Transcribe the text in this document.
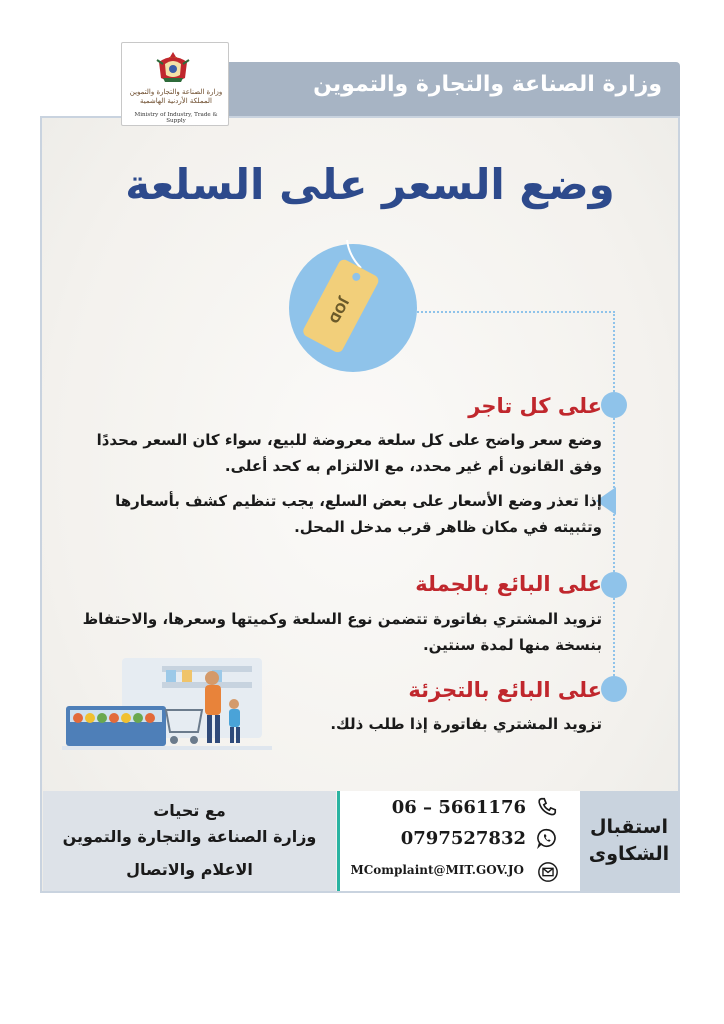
وزارة الصناعة والتجارة والتموين
وزارة الصناعة والتجارة والتموين المملكة الأردنية الهاشمية
Ministry of Industry, Trade & Supply
وضع السعر على السلعة
JOD
على كل تاجر
وضع سعر واضح على كل سلعة معروضة للبيع، سواء كان السعر محددًا وفق القانون أم غير محدد، مع الالتزام به كحد أعلى.
إذا تعذر وضع الأسعار على بعض السلع، يجب تنظيم كشف بأسعارها وتثبيته في مكان ظاهر قرب مدخل المحل.
على البائع بالجملة
تزويد المشتري بفاتورة تتضمن نوع السلعة وكميتها وسعرها، والاحتفاظ بنسخة منها لمدة سنتين.
على البائع بالتجزئة
تزويد المشتري بفاتورة إذا طلب ذلك.
مع تحيات
وزارة الصناعة والتجارة والتموين
الاعلام والاتصال
06 – 5661176
0797527832
MComplaint@MIT.GOV.JO
استقبال
الشكاوى
